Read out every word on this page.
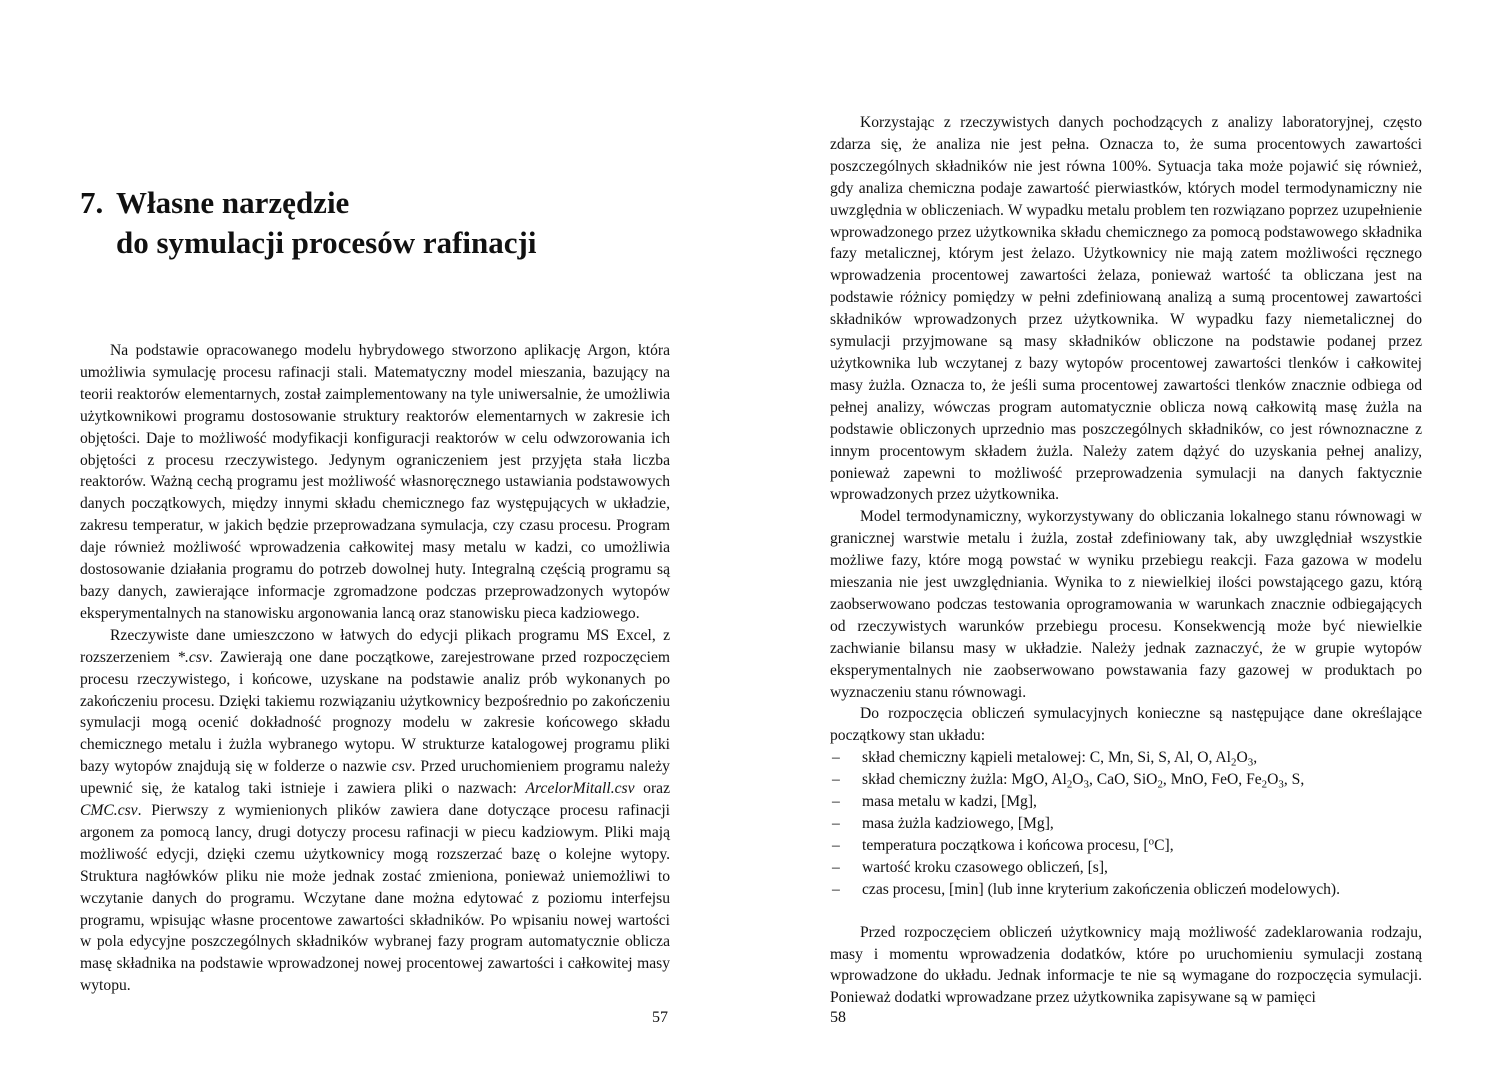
7. Własne narzędzie
do symulacji procesów rafinacji

Na podstawie opracowanego modelu hybrydowego stworzono aplikację Argon, która umożliwia symulację procesu rafinacji stali. Matematyczny model mieszania, bazujący na teorii reaktorów elementarnych, został zaimplementowany na tyle uniwersalnie, że umożliwia użytkownikowi programu dostosowanie struktury reaktorów elementarnych w zakresie ich objętości. Daje to możliwość modyfikacji konfiguracji reaktorów w celu odwzorowania ich objętości z procesu rzeczywistego. Jedynym ograniczeniem jest przyjęta stała liczba reaktorów. Ważną cechą programu jest możliwość własnoręcznego ustawiania podstawowych danych początkowych, między innymi składu chemicznego faz występujących w układzie, zakresu temperatur, w jakich będzie przeprowadzana symulacja, czy czasu procesu. Program daje również możliwość wprowadzenia całkowitej masy metalu w kadzi, co umożliwia dostosowanie działania programu do potrzeb dowolnej huty. Integralną częścią programu są bazy danych, zawierające informacje zgromadzone podczas przeprowadzonych wytopów eksperymentalnych na stanowisku argonowania lancą oraz stanowisku pieca kadziowego.

Rzeczywiste dane umieszczono w łatwych do edycji plikach programu MS Excel, z rozszerzeniem *.csv. Zawierają one dane początkowe, zarejestrowane przed rozpoczęciem procesu rzeczywistego, i końcowe, uzyskane na podstawie analiz prób wykonanych po zakończeniu procesu. Dzięki takiemu rozwiązaniu użytkownicy bezpośrednio po zakończeniu symulacji mogą ocenić dokładność prognozy modelu w zakresie końcowego składu chemicznego metalu i żużla wybranego wytopu. W strukturze katalogowej programu pliki bazy wytopów znajdują się w folderze o nazwie csv. Przed uruchomieniem programu należy upewnić się, że katalog taki istnieje i zawiera pliki o nazwach: ArcelorMitall.csv oraz CMC.csv. Pierwszy z wymienionych plików zawiera dane dotyczące procesu rafinacji argonem za pomocą lancy, drugi dotyczy procesu rafinacji w piecu kadziowym. Pliki mają możliwość edycji, dzięki czemu użytkownicy mogą rozszerzać bazę o kolejne wytopy. Struktura nagłówków pliku nie może jednak zostać zmieniona, ponieważ uniemożliwi to wczytanie danych do programu. Wczytane dane można edytować z poziomu interfejsu programu, wpisując własne procentowe zawartości składników. Po wpisaniu nowej wartości w pola edycyjne poszczególnych składników wybranej fazy program automatycznie oblicza masę składnika na podstawie wprowadzonej nowej procentowej zawartości i całkowitej masy wytopu.

57

Korzystając z rzeczywistych danych pochodzących z analizy laboratoryjnej, często zdarza się, że analiza nie jest pełna. Oznacza to, że suma procentowych zawartości poszczególnych składników nie jest równa 100%. Sytuacja taka może pojawić się również, gdy analiza chemiczna podaje zawartość pierwiastków, których model termodynamiczny nie uwzględnia w obliczeniach. W wypadku metalu problem ten rozwiązano poprzez uzupełnienie wprowadzonego przez użytkownika składu chemicznego za pomocą podstawowego składnika fazy metalicznej, którym jest żelazo. Użytkownicy nie mają zatem możliwości ręcznego wprowadzenia procentowej zawartości żelaza, ponieważ wartość ta obliczana jest na podstawie różnicy pomiędzy w pełni zdefiniowaną analizą a sumą procentowej zawartości składników wprowadzonych przez użytkownika. W wypadku fazy niemetalicznej do symulacji przyjmowane są masy składników obliczone na podstawie podanej przez użytkownika lub wczytanej z bazy wytopów procentowej zawartości tlenków i całkowitej masy żużla. Oznacza to, że jeśli suma procentowej zawartości tlenków znacznie odbiega od pełnej analizy, wówczas program automatycznie oblicza nową całkowitą masę żużla na podstawie obliczonych uprzednio mas poszczególnych składników, co jest równoznaczne z innym procentowym składem żużla. Należy zatem dążyć do uzyskania pełnej analizy, ponieważ zapewni to możliwość przeprowadzenia symulacji na danych faktycznie wprowadzonych przez użytkownika.

Model termodynamiczny, wykorzystywany do obliczania lokalnego stanu równowagi w granicznej warstwie metalu i żużla, został zdefiniowany tak, aby uwzględniał wszystkie możliwe fazy, które mogą powstać w wyniku przebiegu reakcji. Faza gazowa w modelu mieszania nie jest uwzględniania. Wynika to z niewielkiej ilości powstającego gazu, którą zaobserwowano podczas testowania oprogramowania w warunkach znacznie odbiegających od rzeczywistych warunków przebiegu procesu. Konsekwencją może być niewielkie zachwianie bilansu masy w układzie. Należy jednak zaznaczyć, że w grupie wytopów eksperymentalnych nie zaobserwowano powstawania fazy gazowej w produktach po wyznaczeniu stanu równowagi.

Do rozpoczęcia obliczeń symulacyjnych konieczne są następujące dane określające początkowy stan układu:

– skład chemiczny kąpieli metalowej: C, Mn, Si, S, Al, O, $Al_2O_3$,
– skład chemiczny żużla: MgO, $Al_2O_3$, CaO, SiO$_2$, MnO, FeO, $Fe_2O_3$, S,
– masa metalu w kadzi, [Mg],
– masa żużla kadziowego, [Mg],
– temperatura początkowa i końcowa procesu, [$^o$C],
– wartość kroku czasowego obliczeń, [s],
– czas procesu, [min] (lub inne kryterium zakończenia obliczeń modelowych).

Przed rozpoczęciem obliczeń użytkownicy mają możliwość zadeklarowania rodzaju, masy i momentu wprowadzenia dodatków, które po uruchomieniu symulacji zostaną wprowadzone do układu. Jednak informacje te nie są wymagane do rozpoczęcia symulacji. Ponieważ dodatki wprowadzane przez użytkownika zapisywane są w pamięci

58
